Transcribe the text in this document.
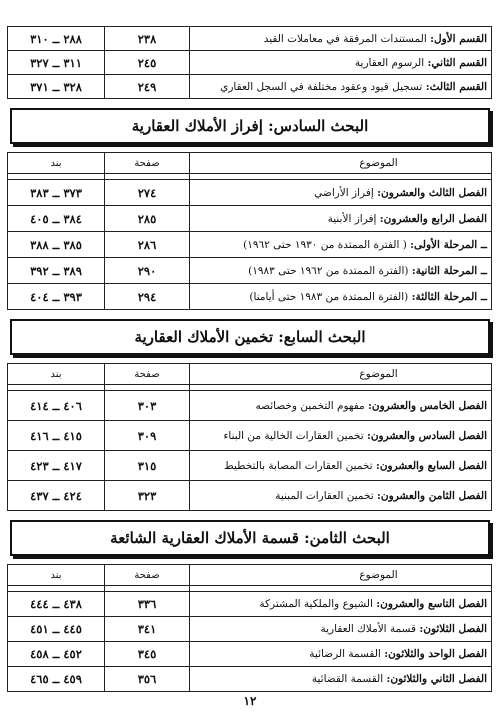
القسم الأول: المستندات المرفقة في معاملات القيد	٢٣٨	٢٨٨ ــ ٣١٠
القسم الثاني: الرسوم العقارية	٢٤٥	٣١١ ــ ٣٢٧
القسم الثالث: تسجيل قيود وعقود مختلفة في السجل العقاري	٢٤٩	٣٢٨ ــ ٣٧١
البحث السادس: إفراز الأملاك العقارية
الموضوع	صفحة	بند

الفصل الثالث والعشرون: إفراز الأراضي	٢٧٤	٣٧٣ ــ ٣٨٣
الفصل الرابع والعشرون: إفراز الأبنية	٢٨٥	٣٨٤ ــ ٤٠٥
ــ المرحلة الأولى: ( الفترة الممتدة من ١٩٣٠ حتى ١٩٦٢)	٢٨٦	٣٨٥ ــ ٣٨٨
ــ المرحلة الثانية: (الفترة الممتدة من ١٩٦٢ حتى ١٩٨٣)	٢٩٠	٣٨٩ ــ ٣٩٢
ــ المرحلة الثالثة: (الفترة الممتدة من ١٩٨٣ حتى أيامنا)	٢٩٤	٣٩٣ ــ ٤٠٤
البحث السابع: تخمين الأملاك العقارية
الموضوع	صفحة	بند

الفصل الخامس والعشرون: مفهوم التخمين وخصائصه	٣٠٣	٤٠٦ ــ ٤١٤
الفصل السادس والعشرون: تخمين العقارات الخالية من البناء	٣٠٩	٤١٥ ــ ٤١٦
الفصل السابع والعشرون: تخمين العقارات المصابة بالتخطيط	٣١٥	٤١٧ ــ ٤٢٣
الفصل الثامن والعشرون: تخمين العقارات المبنية	٣٢٣	٤٢٤ ــ ٤٣٧
البحث الثامن: قسمة الأملاك العقارية الشائعة
الموضوع	صفحة	بند

الفصل التاسع والعشرون: الشيوع والملكية المشتركة	٣٣٦	٤٣٨ ــ ٤٤٤
الفصل الثلاثون: قسمة الأملاك العقارية	٣٤١	٤٤٥ ــ ٤٥١
الفصل الواحد والثلاثون: القسمة الرضائية	٣٤٥	٤٥٢ ــ ٤٥٨
الفصل الثاني والثلاثون: القسمة القضائية	٣٥٦	٤٥٩ ــ ٤٦٥
١٢
